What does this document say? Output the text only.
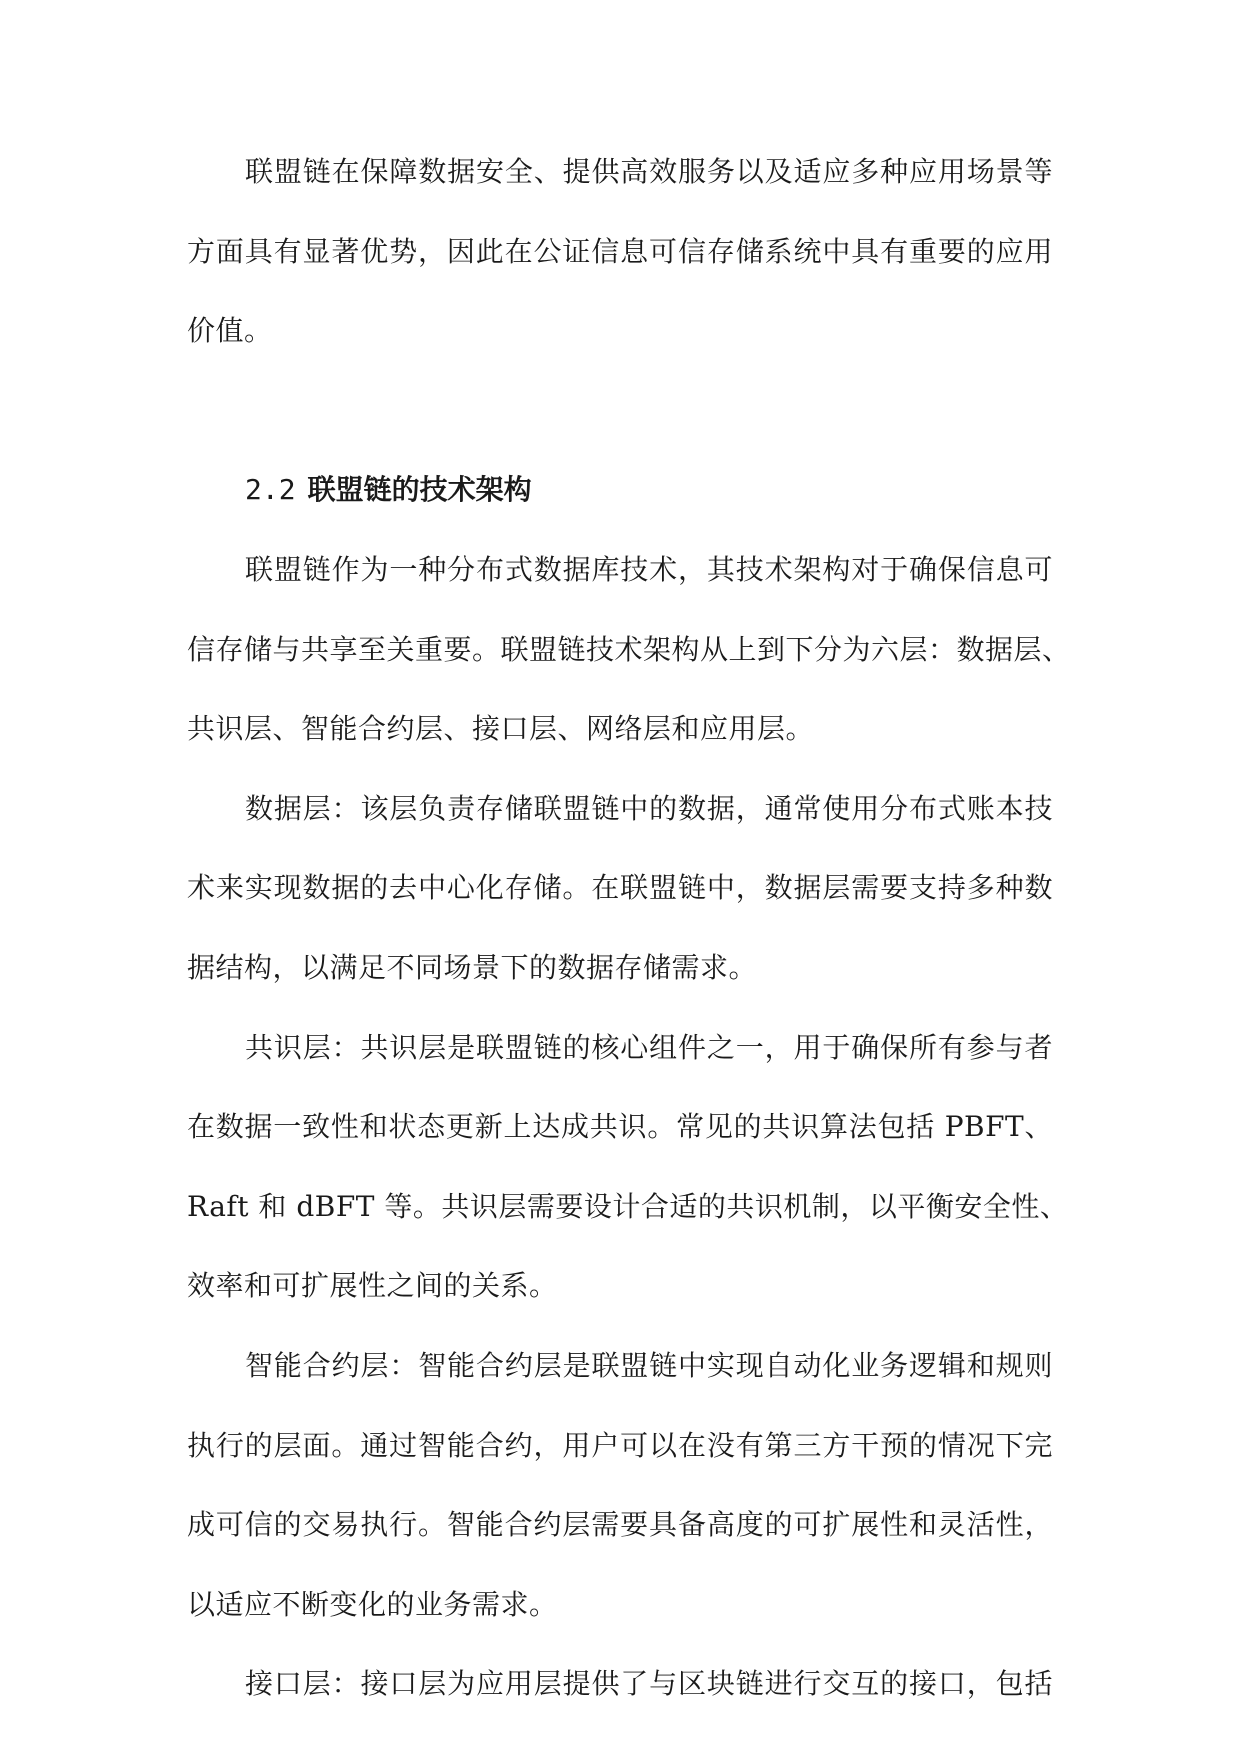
联盟链在保障数据安全、提供高效服务以及适应多种应用场景等
方面具有显著优势，因此在公证信息可信存储系统中具有重要的应用
价值。
2.2 联盟链的技术架构
联盟链作为一种分布式数据库技术，其技术架构对于确保信息可
信存储与共享至关重要。联盟链技术架构从上到下分为六层：数据层、
共识层、智能合约层、接口层、网络层和应用层。
数据层：该层负责存储联盟链中的数据，通常使用分布式账本技
术来实现数据的去中心化存储。在联盟链中，数据层需要支持多种数
据结构，以满足不同场景下的数据存储需求。
共识层：共识层是联盟链的核心组件之一，用于确保所有参与者
在数据一致性和状态更新上达成共识。常见的共识算法包括 PBFT、
Raft 和 dBFT 等。共识层需要设计合适的共识机制，以平衡安全性、
效率和可扩展性之间的关系。
智能合约层：智能合约层是联盟链中实现自动化业务逻辑和规则
执行的层面。通过智能合约，用户可以在没有第三方干预的情况下完
成可信的交易执行。智能合约层需要具备高度的可扩展性和灵活性，
以适应不断变化的业务需求。
接口层：接口层为应用层提供了与区块链进行交互的接口，包括
